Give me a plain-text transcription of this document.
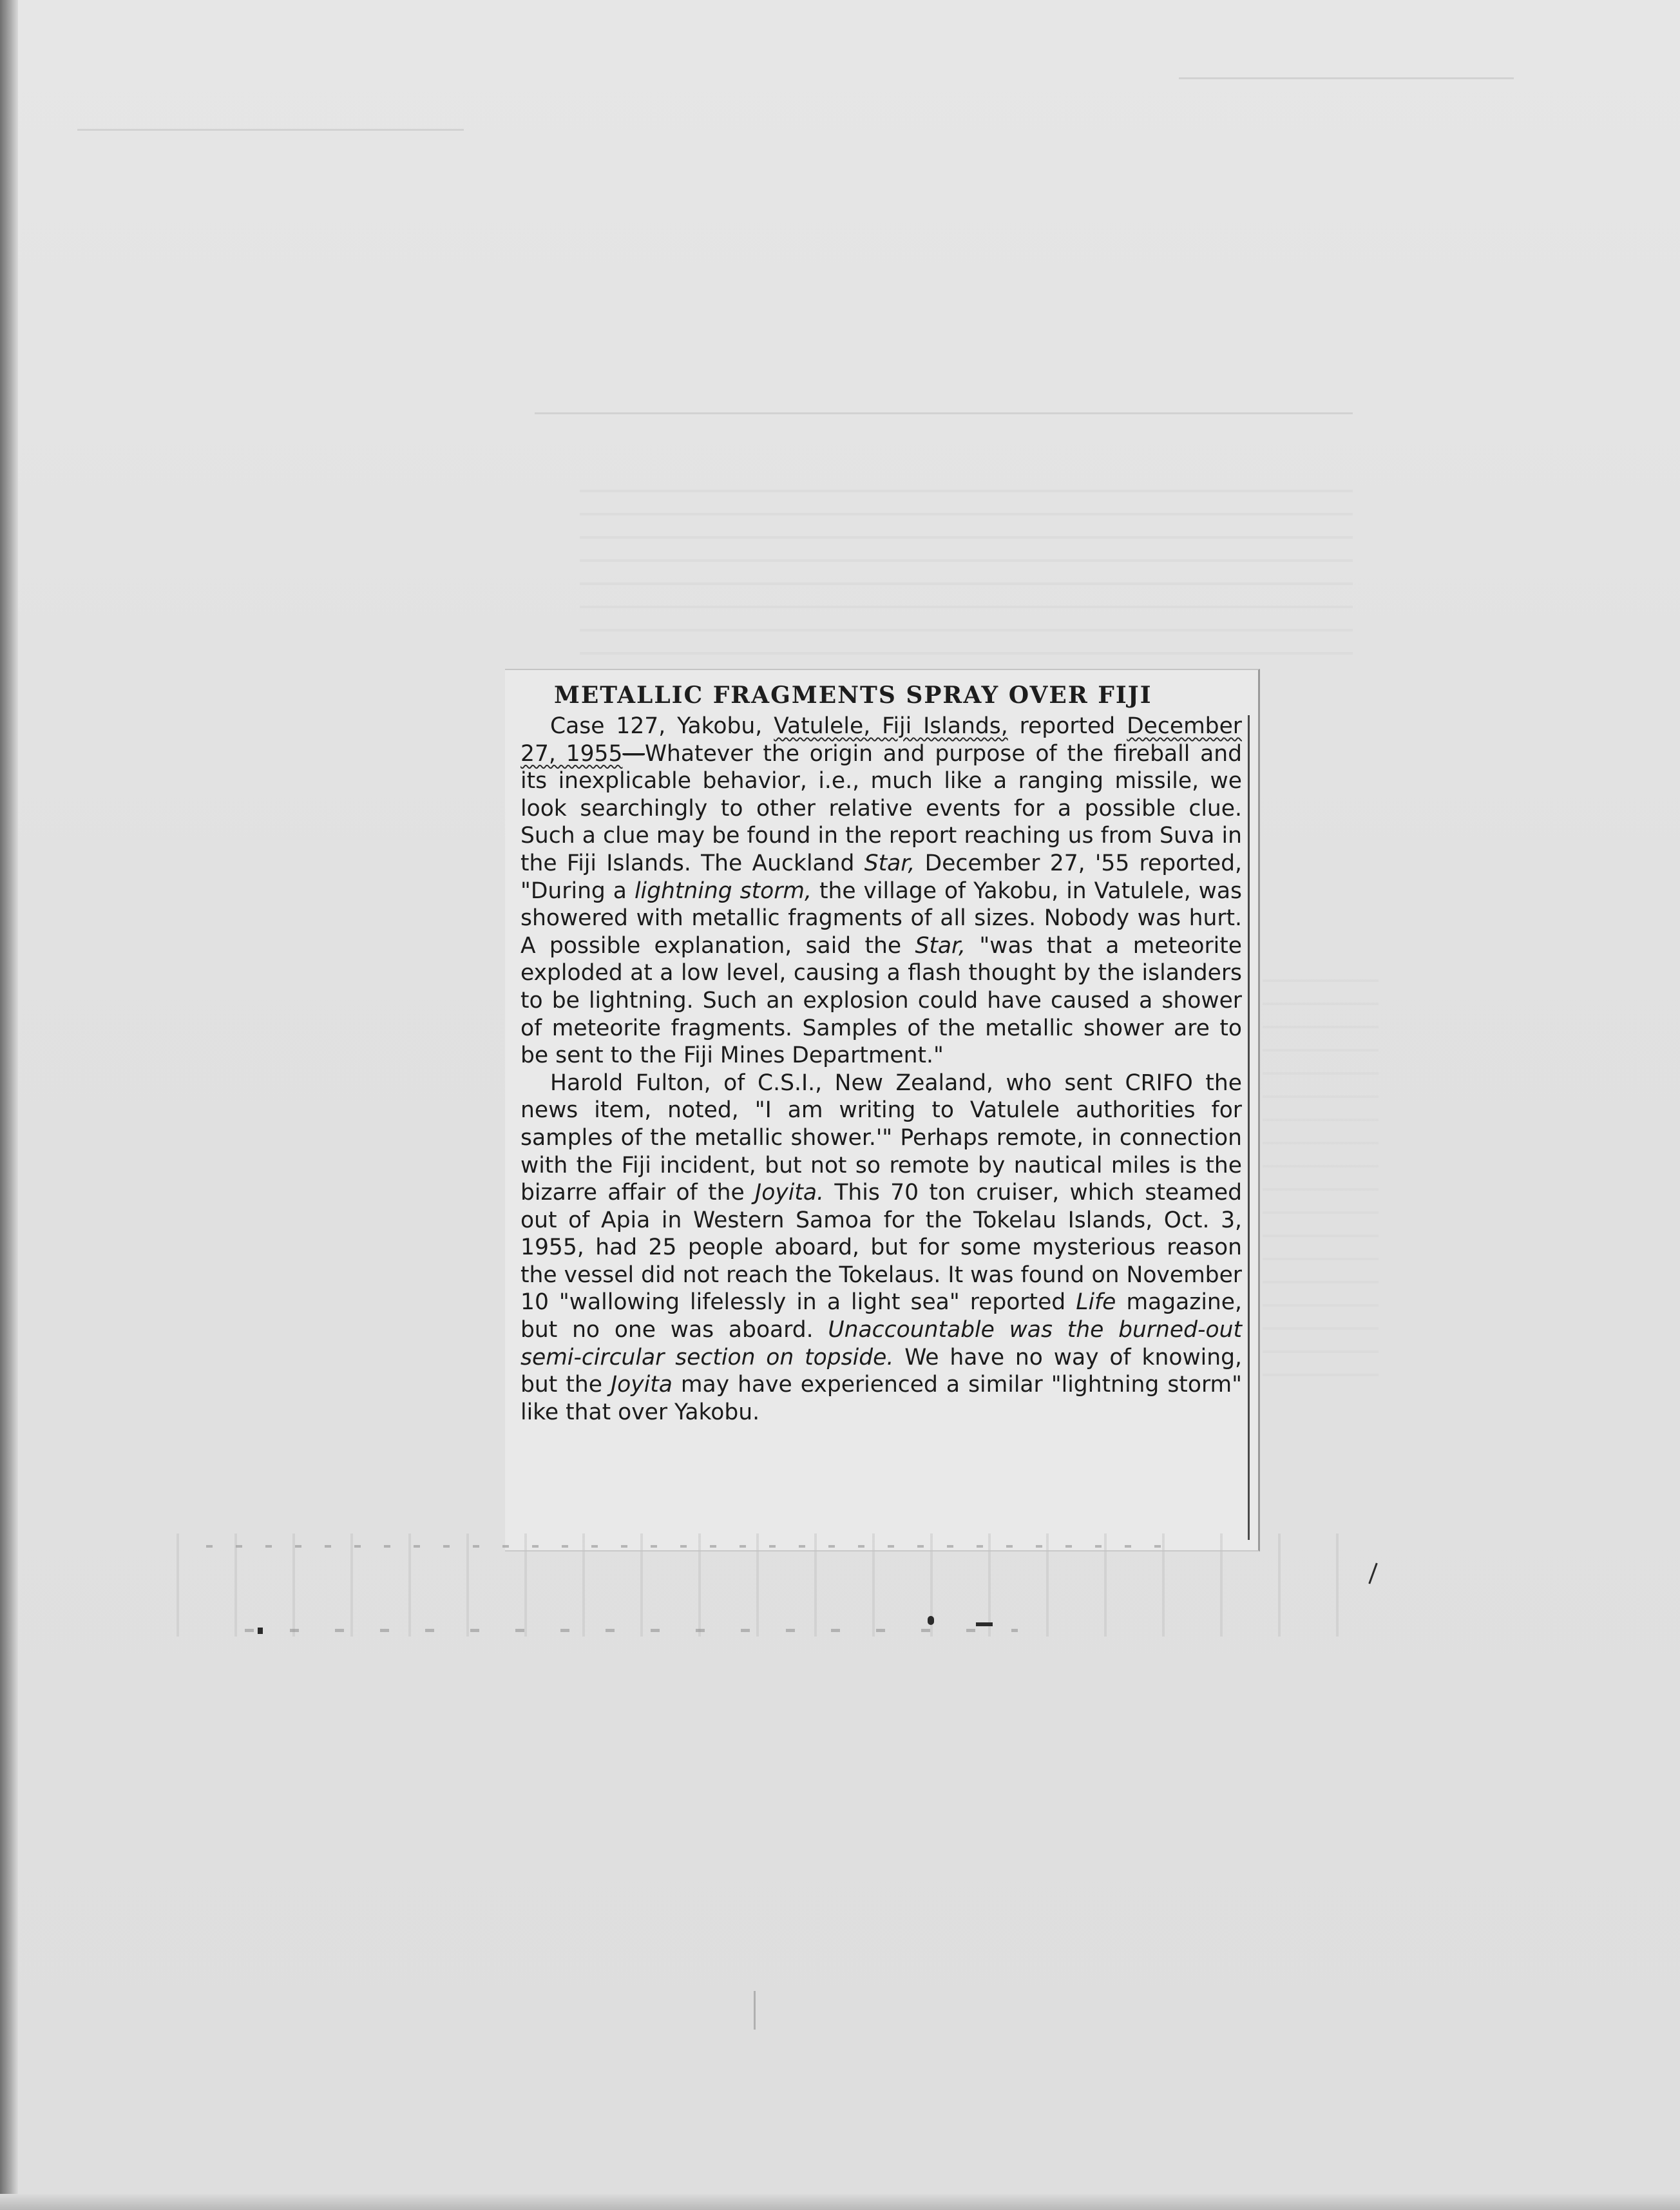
METALLIC FRAGMENTS SPRAY OVER FIJI

Case 127, Yakobu, Vatulele, Fiji Islands, reported December 27, 1955—Whatever the origin and purpose of the fireball and its inexplicable behavior, i.e., much like a ranging missile, we look searchingly to other relative events for a possible clue. Such a clue may be found in the report reaching us from Suva in the Fiji Islands. The Auckland Star, December 27, '55 reported, "During a lightning storm, the village of Yakobu, in Vatulele, was showered with metallic fragments of all sizes. Nobody was hurt. A possible explanation, said the Star, "was that a meteorite exploded at a low level, causing a flash thought by the islanders to be lightning. Such an explosion could have caused a shower of meteorite fragments. Samples of the metallic shower are to be sent to the Fiji Mines Department."

Harold Fulton, of C.S.I., New Zealand, who sent CRIFO the news item, noted, "I am writing to Vatulele authorities for samples of the metallic shower.'" Perhaps remote, in connection with the Fiji incident, but not so remote by nautical miles is the bizarre affair of the Joyita. This 70 ton cruiser, which steamed out of Apia in Western Samoa for the Tokelau Islands, Oct. 3, 1955, had 25 people aboard, but for some mysterious reason the vessel did not reach the Tokelaus. It was found on November 10 "wallowing lifelessly in a light sea" reported Life magazine, but no one was aboard. Unaccountable was the burned-out semi-circular section on topside. We have no way of knowing, but the Joyita may have experienced a similar "lightning storm" like that over Yakobu.
